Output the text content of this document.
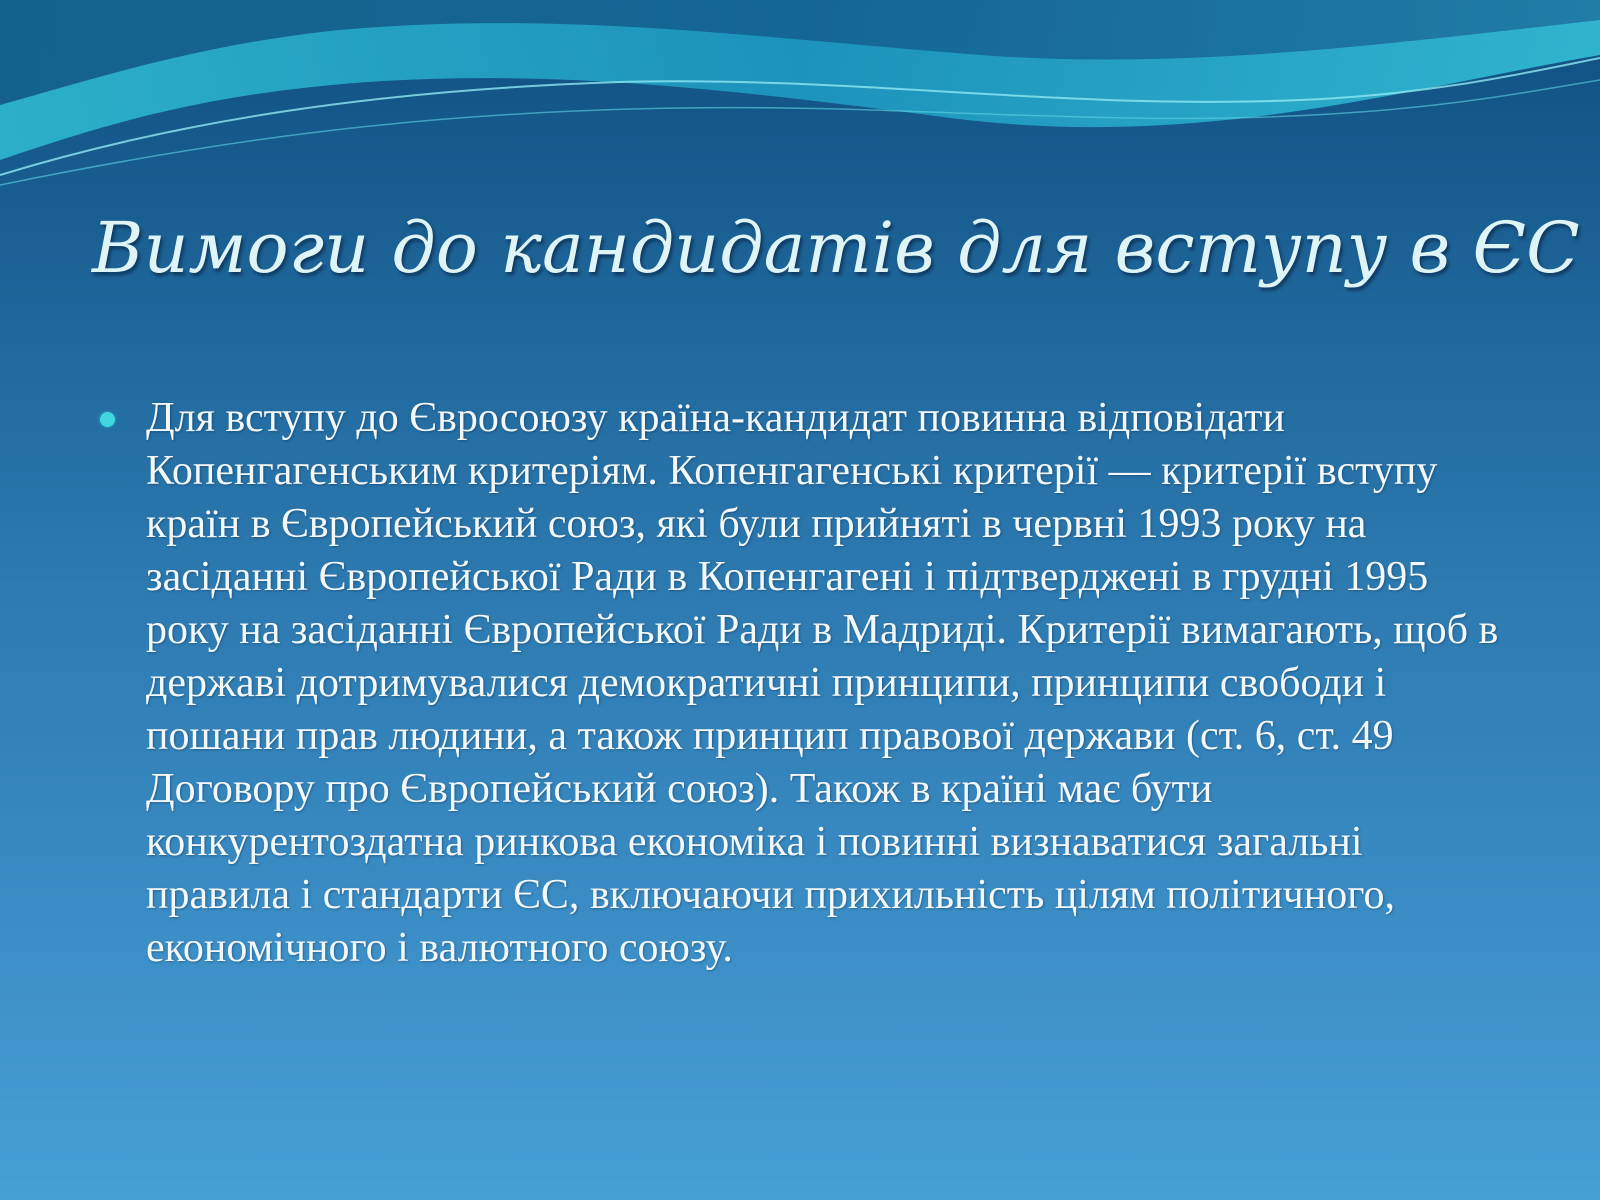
Вимоги до кандидатів для вступу в ЄС

Для вступу до Євросоюзу країна-кандидат повинна відповідати Копенгагенським критеріям. Копенгагенські критерії — критерії вступу країн в Європейський союз, які були прийняті в червні 1993 року на засіданні Європейської Ради в Копенгагені і підтверджені в грудні 1995 року на засіданні Європейської Ради в Мадриді. Критерії вимагають, щоб в державі дотримувалися демократичні принципи, принципи свободи і пошани прав людини, а також принцип правової держави (ст. 6, ст. 49 Договору про Європейський союз). Також в країні має бути конкурентоздатна ринкова економіка і повинні визнаватися загальні правила і стандарти ЄС, включаючи прихильність цілям політичного, економічного і валютного союзу.
